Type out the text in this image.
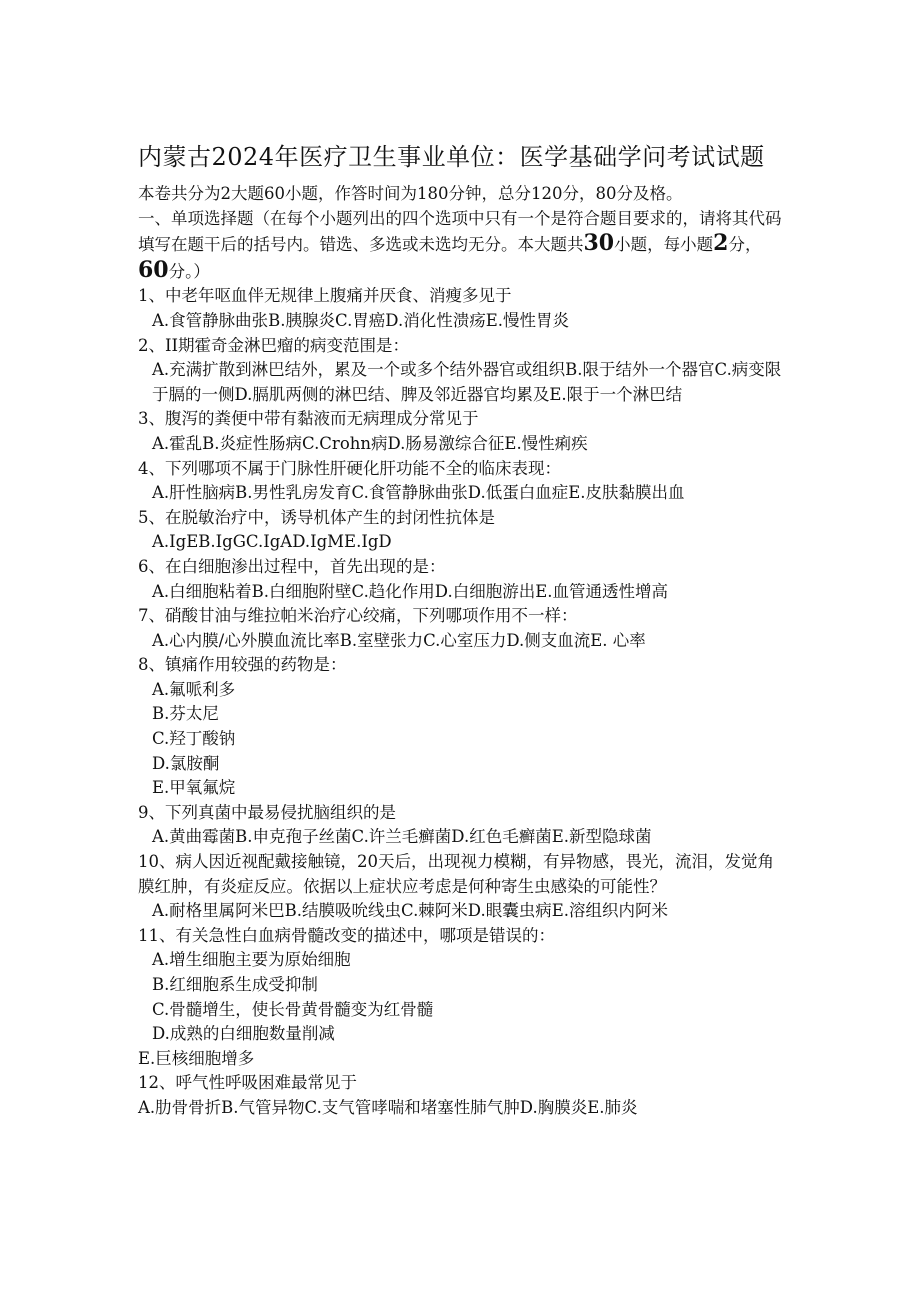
内蒙古2024年医疗卫生事业单位：医学基础学问考试试题

本卷共分为2大题60小题，作答时间为180分钟，总分120分，80分及格。

一、单项选择题（在每个小题列出的四个选项中只有一个是符合题目要求的，请将其代码填写在题干后的括号内。错选、多选或未选均无分。本大题共30小题，每小题2分，60分。）

1、中老年呕血伴无规律上腹痛并厌食、消瘦多见于

A.食管静脉曲张B.胰腺炎C.胃癌D.消化性溃疡E.慢性胃炎

2、II期霍奇金淋巴瘤的病变范围是：

A.充满扩散到淋巴结外，累及一个或多个结外器官或组织B.限于结外一个器官C.病变限于膈的一侧D.膈肌两侧的淋巴结、脾及邻近器官均累及E.限于一个淋巴结

3、腹泻的粪便中带有黏液而无病理成分常见于

A.霍乱B.炎症性肠病C.Crohn病D.肠易激综合征E.慢性痢疾

4、下列哪项不属于门脉性肝硬化肝功能不全的临床表现：

A.肝性脑病B.男性乳房发育C.食管静脉曲张D.低蛋白血症E.皮肤黏膜出血

5、在脱敏治疗中，诱导机体产生的封闭性抗体是

A.IgEB.IgGC.IgAD.IgME.IgD

6、在白细胞渗出过程中，首先出现的是：

A.白细胞粘着B.白细胞附壁C.趋化作用D.白细胞游出E.血管通透性增高

7、硝酸甘油与维拉帕米治疗心绞痛，下列哪项作用不一样：

A.心内膜/心外膜血流比率B.室壁张力C.心室压力D.侧支血流E. 心率

8、镇痛作用较强的药物是：

A.氟哌利多

B.芬太尼

C.羟丁酸钠

D.氯胺酮

E.甲氧氟烷

9、下列真菌中最易侵扰脑组织的是

A.黄曲霉菌B.申克孢子丝菌C.许兰毛癣菌D.红色毛癣菌E.新型隐球菌

10、病人因近视配戴接触镜，20天后，出现视力模糊，有异物感，畏光，流泪，发觉角膜红肿，有炎症反应。依据以上症状应考虑是何种寄生虫感染的可能性？

A.耐格里属阿米巴B.结膜吸吮线虫C.棘阿米D.眼囊虫病E.溶组织内阿米

11、有关急性白血病骨髓改变的描述中，哪项是错误的：

A.增生细胞主要为原始细胞

B.红细胞系生成受抑制

C.骨髓增生，使长骨黄骨髓变为红骨髓

D.成熟的白细胞数量削减

E.巨核细胞增多

12、呼气性呼吸困难最常见于

A.肋骨骨折B.气管异物C.支气管哮喘和堵塞性肺气肿D.胸膜炎E.肺炎
